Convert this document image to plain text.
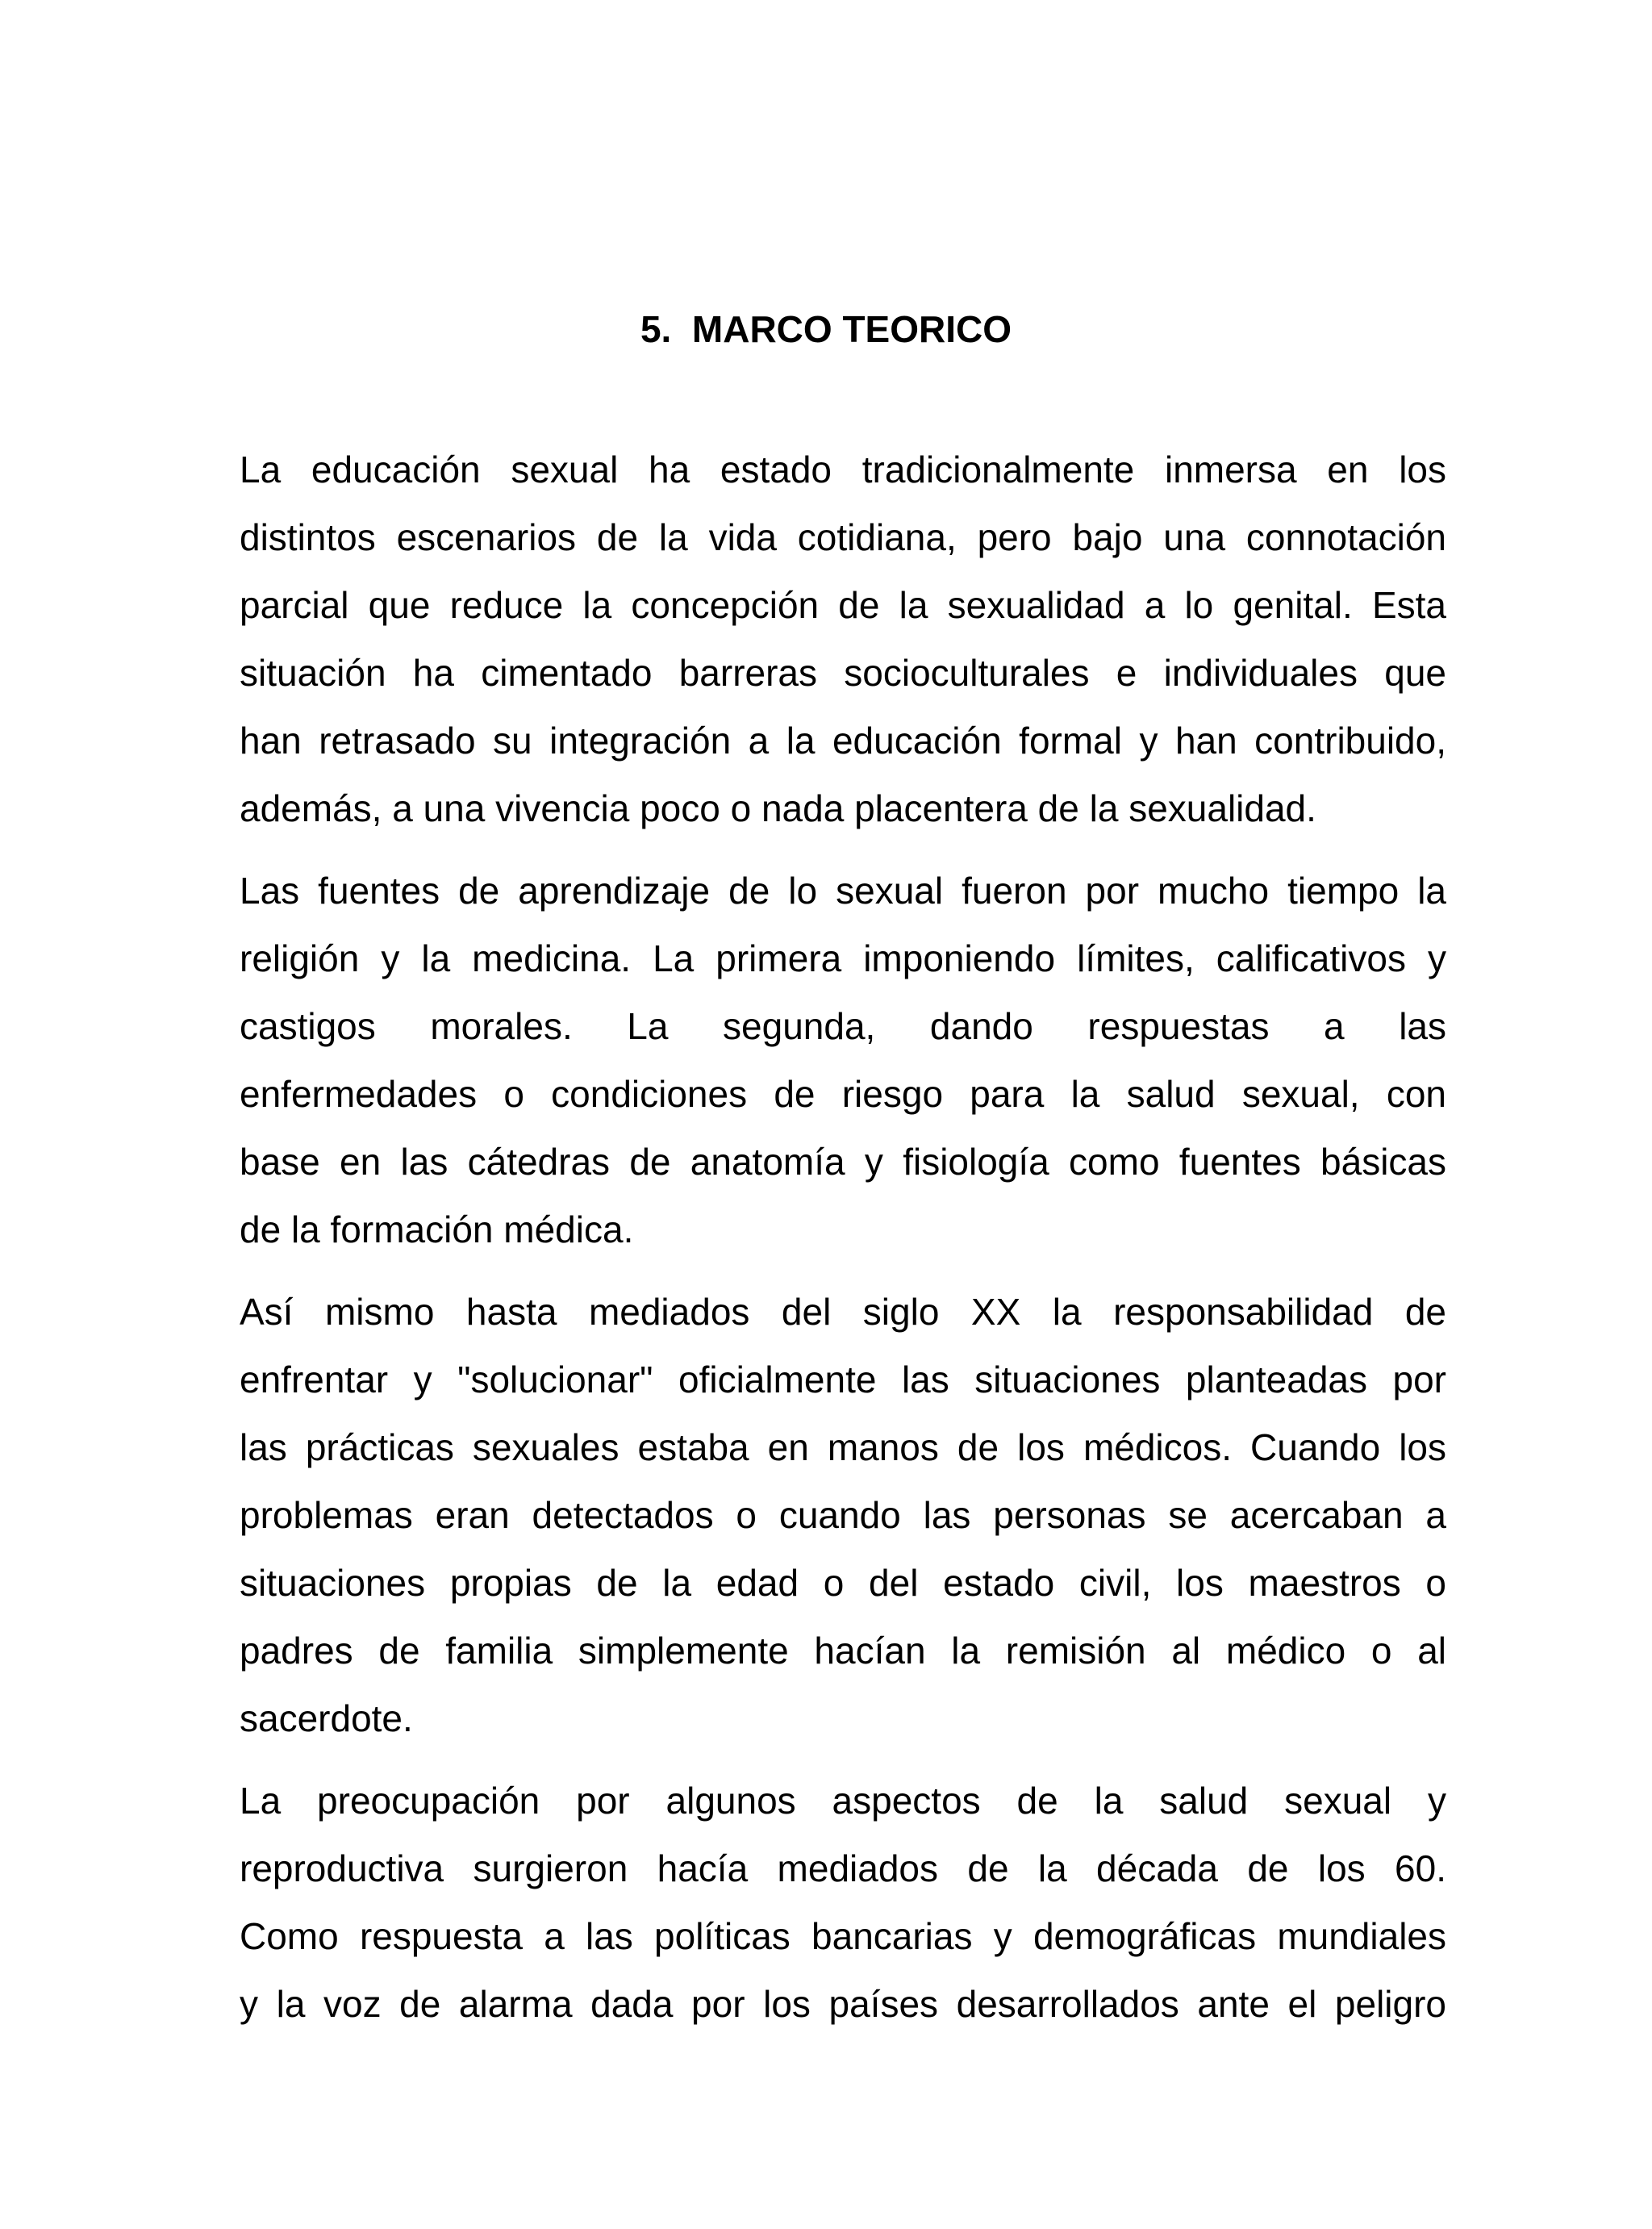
5. MARCO TEORICO
La educación sexual ha estado tradicionalmente inmersa en los
distintos escenarios de la vida cotidiana, pero bajo una connotación
parcial que reduce la concepción de la sexualidad a lo genital. Esta
situación ha cimentado barreras socioculturales e individuales que
han retrasado su integración a la educación formal y han contribuido,
además, a una vivencia poco o nada placentera de la sexualidad.
Las fuentes de aprendizaje de lo sexual fueron por mucho tiempo la
religión y la medicina. La primera imponiendo límites, calificativos y
castigos morales. La segunda, dando respuestas a las
enfermedades o condiciones de riesgo para la salud sexual, con
base en las cátedras de anatomía y fisiología como fuentes básicas
de la formación médica.
Así mismo hasta mediados del siglo XX la responsabilidad de
enfrentar y "solucionar" oficialmente las situaciones planteadas por
las prácticas sexuales estaba en manos de los médicos. Cuando los
problemas eran detectados o cuando las personas se acercaban a
situaciones propias de la edad o del estado civil, los maestros o
padres de familia simplemente hacían la remisión al médico o al
sacerdote.
La preocupación por algunos aspectos de la salud sexual y
reproductiva surgieron hacía mediados de la década de los 60.
Como respuesta a las políticas bancarias y demográficas mundiales
y la voz de alarma dada por los países desarrollados ante el peligro
